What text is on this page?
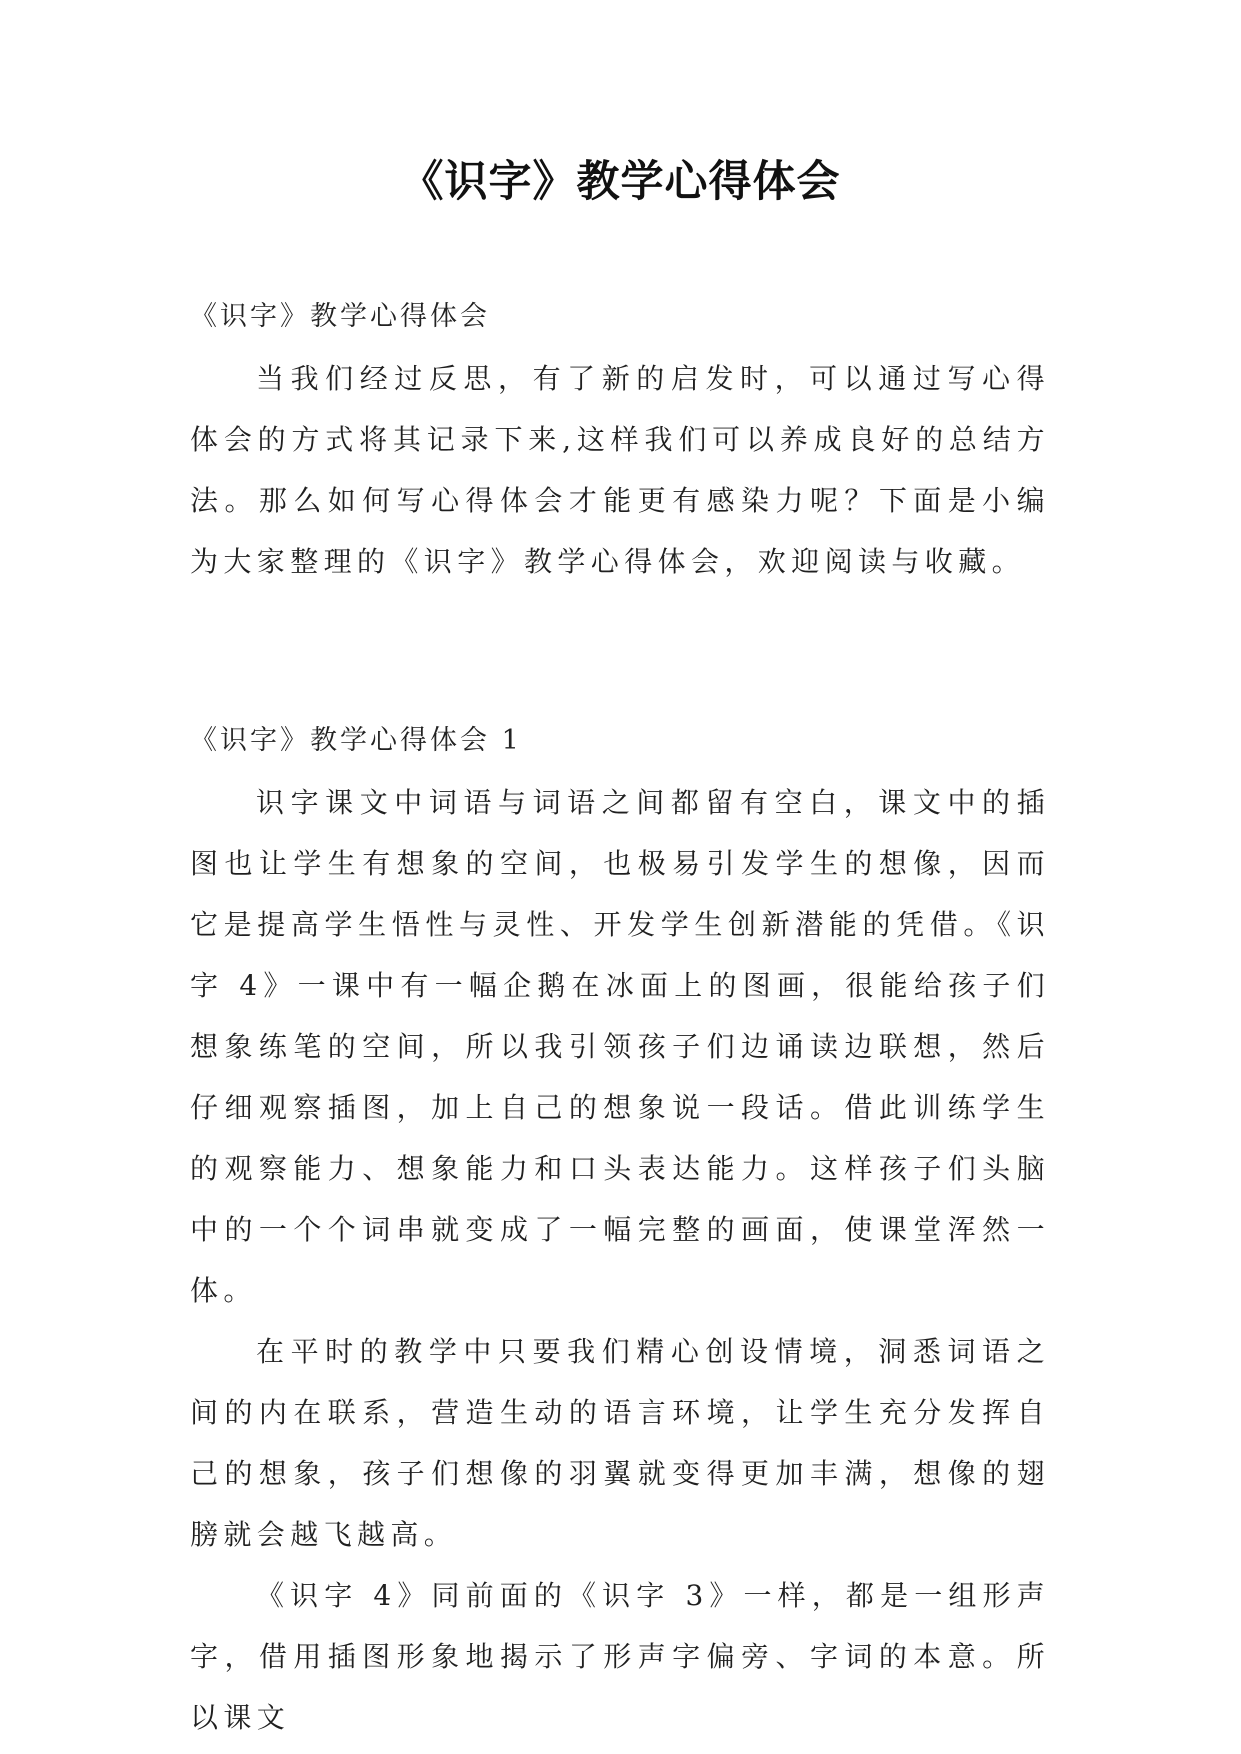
《识字》教学心得体会

《识字》教学心得体会

当我们经过反思，有了新的启发时，可以通过写心得体会的方式将其记录下来,这样我们可以养成良好的总结方法。那么如何写心得体会才能更有感染力呢？下面是小编为大家整理的《识字》教学心得体会，欢迎阅读与收藏。

《识字》教学心得体会 1

识字课文中词语与词语之间都留有空白，课文中的插图也让学生有想象的空间，也极易引发学生的想像，因而它是提高学生悟性与灵性、开发学生创新潜能的凭借。《识字 4》一课中有一幅企鹅在冰面上的图画，很能给孩子们想象练笔的空间，所以我引领孩子们边诵读边联想，然后仔细观察插图，加上自己的想象说一段话。借此训练学生的观察能力、想象能力和口头表达能力。这样孩子们头脑中的一个个词串就变成了一幅完整的画面，使课堂浑然一体。

在平时的教学中只要我们精心创设情境，洞悉词语之间的内在联系，营造生动的语言环境，让学生充分发挥自己的想象，孩子们想像的羽翼就变得更加丰满，想像的翅膀就会越飞越高。

《识字 4》同前面的《识字 3》一样，都是一组形声字，借用插图形象地揭示了形声字偏旁、字词的本意。所以课文
